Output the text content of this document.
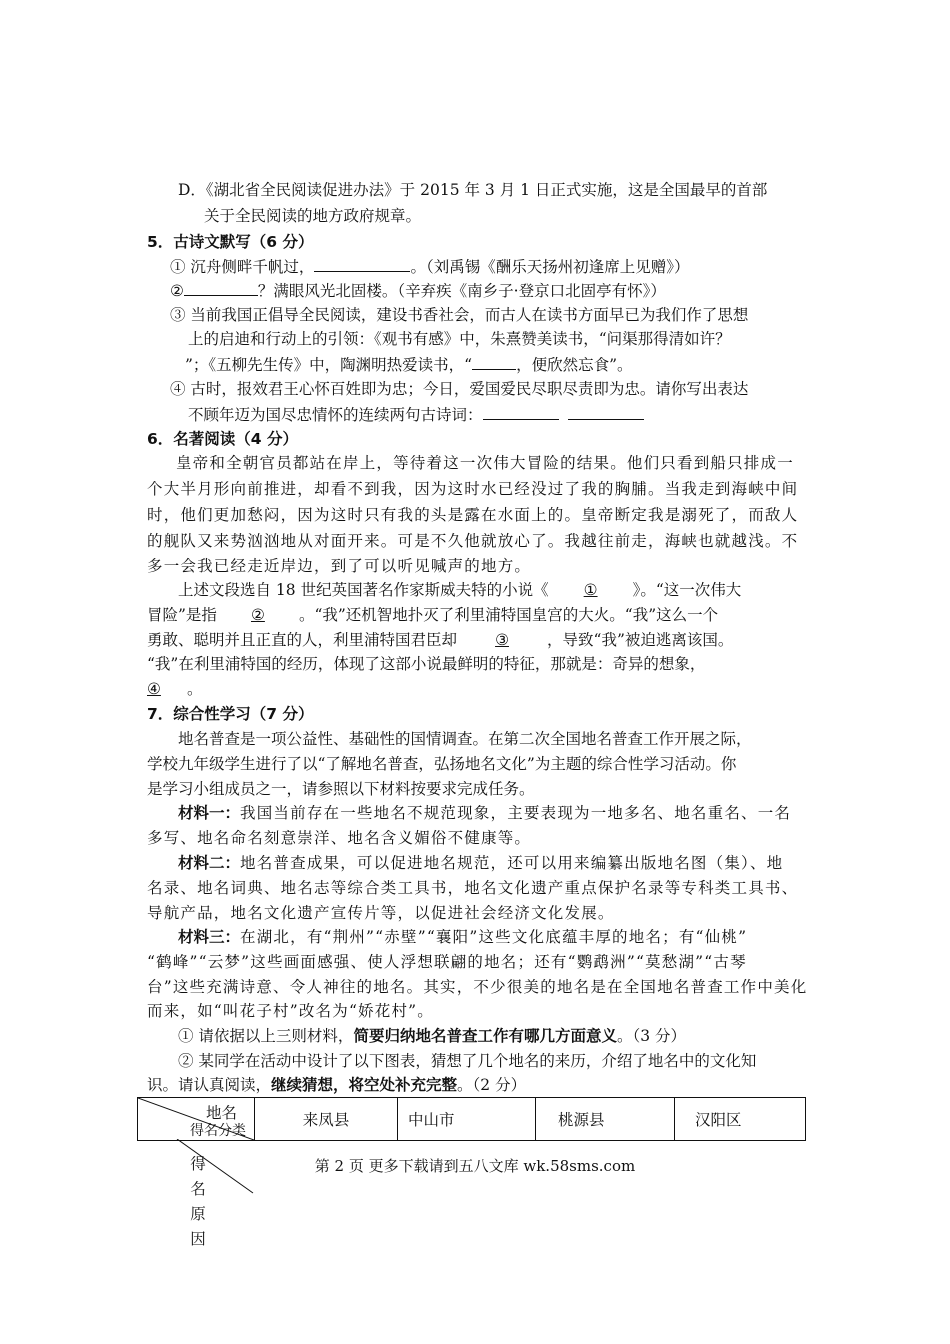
D．《湖北省全民阅读促进办法》于 2015 年 3 月 1 日正式实施，这是全国最早的首部
关于全民阅读的地方政府规章。
5．古诗文默写（6 分）
① 沉舟侧畔千帆过，	。（刘禹锡《酬乐天扬州初逢席上见赠》）
②	？满眼风光北固楼。（辛弃疾《南乡子·登京口北固亭有怀》）
③ 当前我国正倡导全民阅读，建设书香社会，而古人在读书方面早已为我们作了思想
上的启迪和行动上的引领：《观书有感》中，朱熹赞美读书，“问渠那得清如许？
”；《五柳先生传》中，陶渊明热爱读书，“	，便欣然忘食”。
④ 古时，报效君王心怀百姓即为忠；今日，爱国爱民尽职尽责即为忠。请你写出表达
不顾年迈为国尽忠情怀的连续两句古诗词：
6．名著阅读（4 分）
皇帝和全朝官员都站在岸上，等待着这一次伟大冒险的结果。他们只看到船只排成一
个大半月形向前推进，却看不到我，因为这时水已经没过了我的胸脯。当我走到海峡中间
时，他们更加愁闷，因为这时只有我的头是露在水面上的。皇帝断定我是溺死了，而敌人
的舰队又来势汹汹地从对面开来。可是不久他就放心了。我越往前走，海峡也就越浅。不
多一会我已经走近岸边，到了可以听见喊声的地方。
上述文段选自 18 世纪英国著名作家斯威夫特的小说《 ① 》。“这一次伟大
冒险”是指 ② 。“我”还机智地扑灭了利里浦特国皇宫的大火。“我”这么一个
勇敢、聪明并且正直的人，利里浦特国君臣却 ③ ，导致“我”被迫逃离该国。
“我”在利里浦特国的经历，体现了这部小说最鲜明的特征，那就是：奇异的想象，
④ 。
7．综合性学习（7 分）
地名普查是一项公益性、基础性的国情调查。在第二次全国地名普查工作开展之际，
学校九年级学生进行了以“了解地名普查，弘扬地名文化”为主题的综合性学习活动。你
是学习小组成员之一，请参照以下材料按要求完成任务。
材料一：我国当前存在一些地名不规范现象，主要表现为一地多名、地名重名、一名
多写、地名命名刻意崇洋、地名含义媚俗不健康等。
材料二：地名普查成果，可以促进地名规范，还可以用来编纂出版地名图（集）、地
名录、地名词典、地名志等综合类工具书，地名文化遗产重点保护名录等专科类工具书、
导航产品，地名文化遗产宣传片等，以促进社会经济文化发展。
材料三：在湖北，有“荆州”“赤壁”“襄阳”这些文化底蕴丰厚的地名；有“仙桃”
“鹤峰”“云梦”这些画面感强、使人浮想联翩的地名；还有“鹦鹉洲”“莫愁湖”“古琴
台”这些充满诗意、令人神往的地名。其实，不少很美的地名是在全国地名普查工作中美化
而来，如“叫花子村”改名为“娇花村”。
① 请依据以上三则材料，简要归纳地名普查工作有哪几方面意义。（3 分）
② 某同学在活动中设计了以下图表，猜想了几个地名的来历，介绍了地名中的文化知
识。请认真阅读，继续猜想，将空处补充完整。（2 分）
地名
得名分类
	来凤县	中山市	桃源县	汉阳区
得名原因
第 2 页 更多下载请到五八文库 wk.58sms.com
